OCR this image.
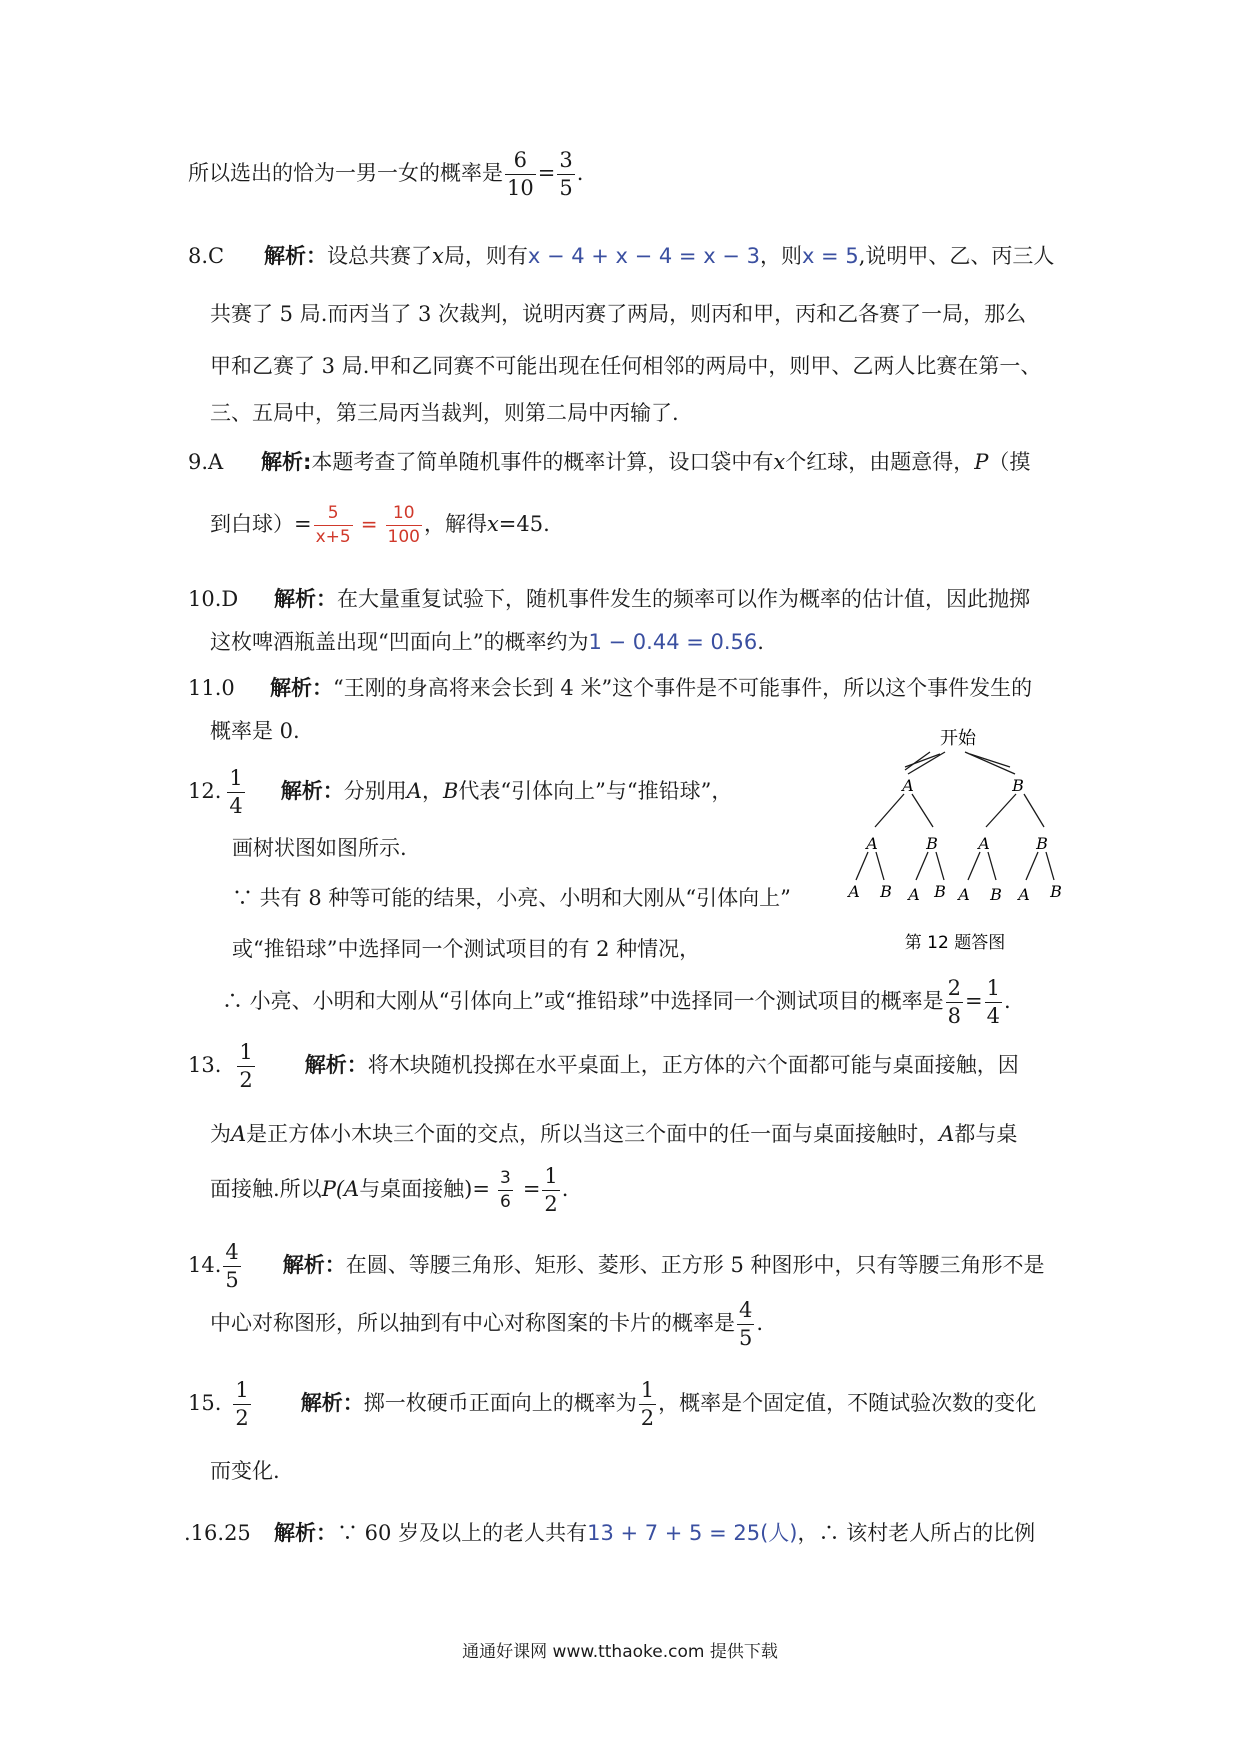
所以选出的恰为一男一女的概率是 $\frac{6}{10} = \frac{3}{5}$ .
8.C 解析：设总共赛了x局，则有x − 4 + x − 4 = x − 3，则x = 5,说明甲、乙、丙三人
共赛了 5 局.而丙当了 3 次裁判，说明丙赛了两局，则丙和甲，丙和乙各赛了一局，那么
甲和乙赛了 3 局.甲和乙同赛不可能出现在任何相邻的两局中，则甲、乙两人比赛在第一、
三、五局中，第三局丙当裁判，则第二局中丙输了.
9.A 解析:本题考查了简单随机事件的概率计算，设口袋中有x个红球，由题意得，P（摸
到白球）= $\frac{5}{x+5} = \frac{10}{100}$ ，解得x=45.
10.D 解析：在大量重复试验下，随机事件发生的频率可以作为概率的估计值，因此抛掷
这枚啤酒瓶盖出现“凹面向上”的概率约为1 − 0.44 = 0.56.
11.0 解析：“王刚的身高将来会长到 4 米”这个事件是不可能事件，所以这个事件发生的
概率是 0.
12. $\frac{1}{4}$ 解析：分别用A，B代表“引体向上”与“推铅球”，
画树状图如图所示.
∵ 共有 8 种等可能的结果，小亮、小明和大刚从“引体向上”
或“推铅球”中选择同一个测试项目的有 2 种情况，
∴ 小亮、小明和大刚从“引体向上”或“推铅球”中选择同一个测试项目的概率是 $\frac{2}{8} = \frac{1}{4}$ .
开始
A	B
A	B	A	B
A B A B A B A B
第 12 题答图
13. $\frac{1}{2}$ 解析：将木块随机投掷在水平桌面上，正方体的六个面都可能与桌面接触，因
为A是正方体小木块三个面的交点，所以当这三个面中的任一面与桌面接触时，A都与桌
面接触.所以P(A与桌面接触)= $\frac{3}{6} = \frac{1}{2}$ .
14. $\frac{4}{5}$ 解析：在圆、等腰三角形、矩形、菱形、正方形 5 种图形中，只有等腰三角形不是
中心对称图形，所以抽到有中心对称图案的卡片的概率是 $\frac{4}{5}$ .
15. $\frac{1}{2}$ 解析：掷一枚硬币正面向上的概率为 $\frac{1}{2}$ ，概率是个固定值，不随试验次数的变化
而变化.
.16.25 解析：∵ 60 岁及以上的老人共有13 + 7 + 5 = 25(人)，∴ 该村老人所占的比例
通通好课网 www.tthaoke.com 提供下载
